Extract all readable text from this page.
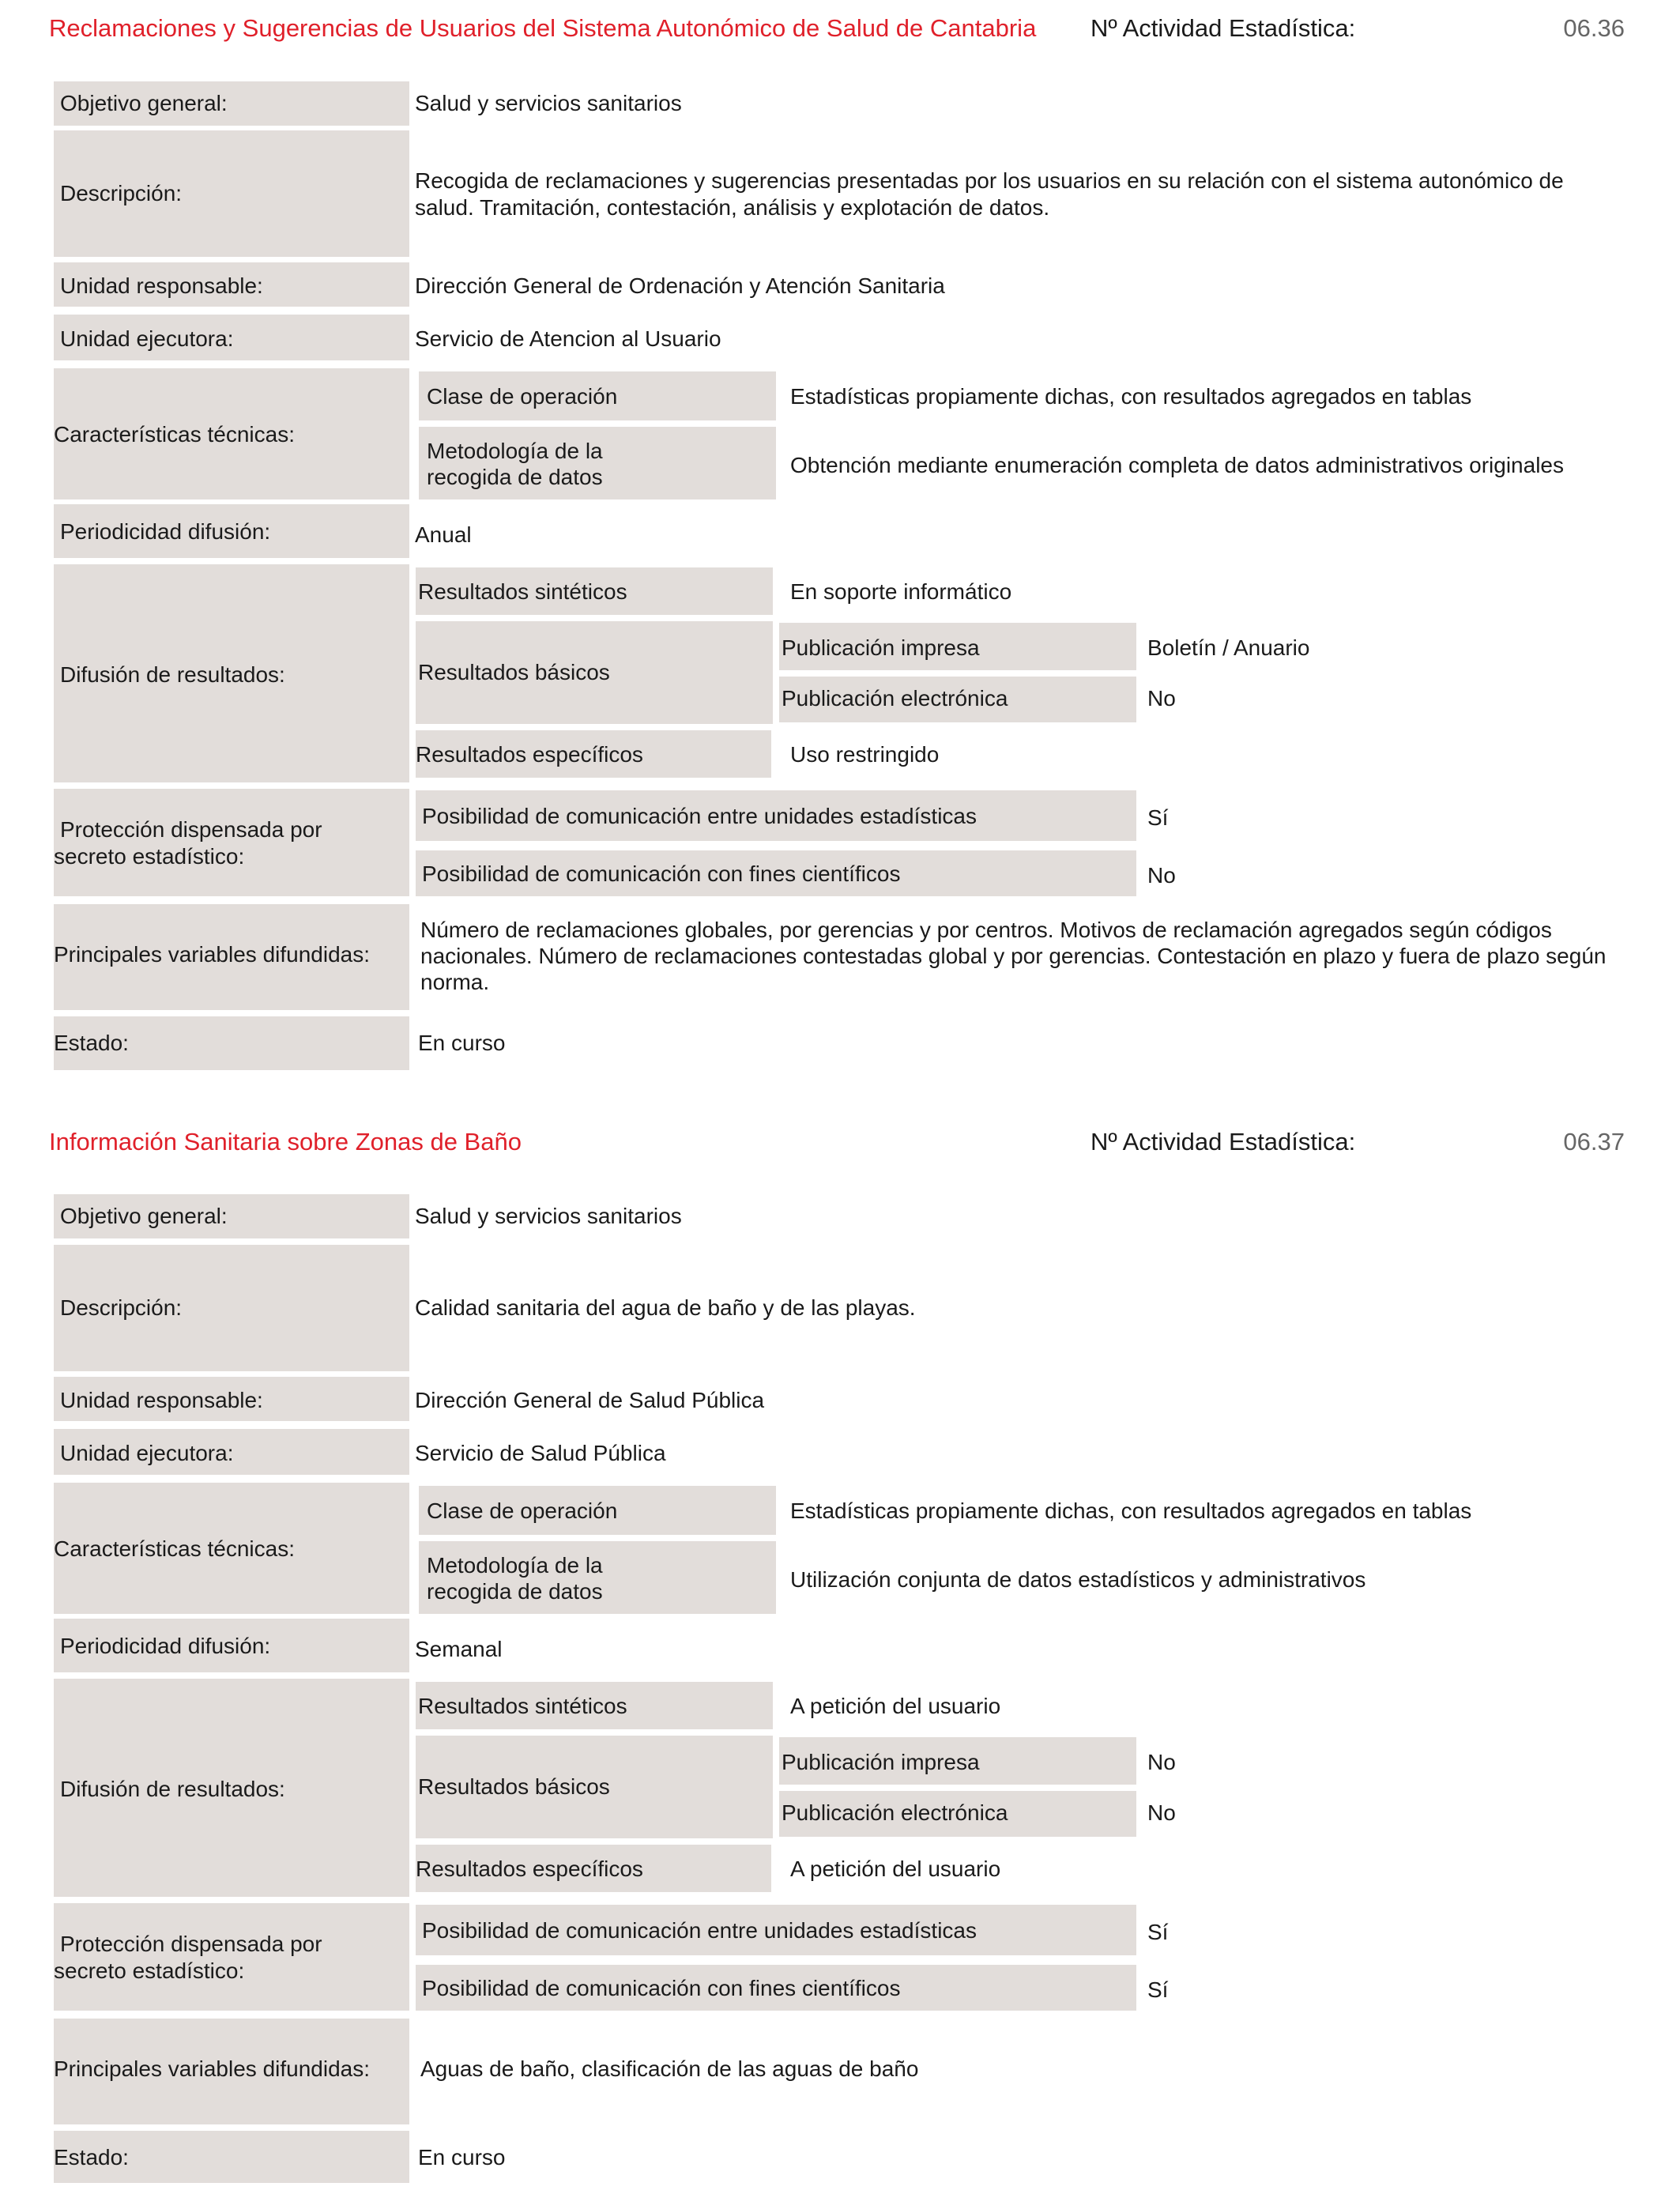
Reclamaciones y Sugerencias de Usuarios del Sistema Autonómico de Salud de Cantabria Nº Actividad Estadística:	06.36
Objetivo general:	Salud y servicios sanitarios
Descripción:
Recogida de reclamaciones y sugerencias presentadas por los usuarios en su relación con el sistema autonómico de salud. Tramitación, contestación, análisis y explotación de datos.
Unidad responsable:	Dirección General de Ordenación y Atención Sanitaria
Unidad ejecutora:	Servicio de Atencion al Usuario
Características técnicas:
Clase de operación	Estadísticas propiamente dichas, con resultados agregados en tablas
Metodología de la recogida de datos	Obtención mediante enumeración completa de datos administrativos originales
Periodicidad difusión:	Anual
Difusión de resultados:
Resultados sintéticos	En soporte informático
Resultados básicos
Publicación impresa	Boletín / Anuario
Publicación electrónica	No
Resultados específicos	Uso restringido
Protección dispensada por secreto estadístico:
Posibilidad de comunicación entre unidades estadísticas	Sí
Posibilidad de comunicación con fines científicos	No
Principales variables difundidas:
Número de reclamaciones globales, por gerencias y por centros. Motivos de reclamación agregados según códigos nacionales. Número de reclamaciones contestadas global y por gerencias. Contestación en plazo y fuera de plazo según norma.
Estado:	En curso
Información Sanitaria sobre Zonas de Baño	Nº Actividad Estadística:	06.37
Objetivo general:	Salud y servicios sanitarios
Descripción:	Calidad sanitaria del agua de baño y de las playas.
Unidad responsable:	Dirección General de Salud Pública
Unidad ejecutora:	Servicio de Salud Pública
Características técnicas:
Clase de operación	Estadísticas propiamente dichas, con resultados agregados en tablas
Metodología de la recogida de datos	Utilización conjunta de datos estadísticos y administrativos
Periodicidad difusión:	Semanal
Difusión de resultados:
Resultados sintéticos	A petición del usuario
Resultados básicos
Publicación impresa	No
Publicación electrónica	No
Resultados específicos	A petición del usuario
Protección dispensada por secreto estadístico:
Posibilidad de comunicación entre unidades estadísticas	Sí
Posibilidad de comunicación con fines científicos	Sí
Principales variables difundidas: Aguas de baño, clasificación de las aguas de baño
Estado:	En curso
